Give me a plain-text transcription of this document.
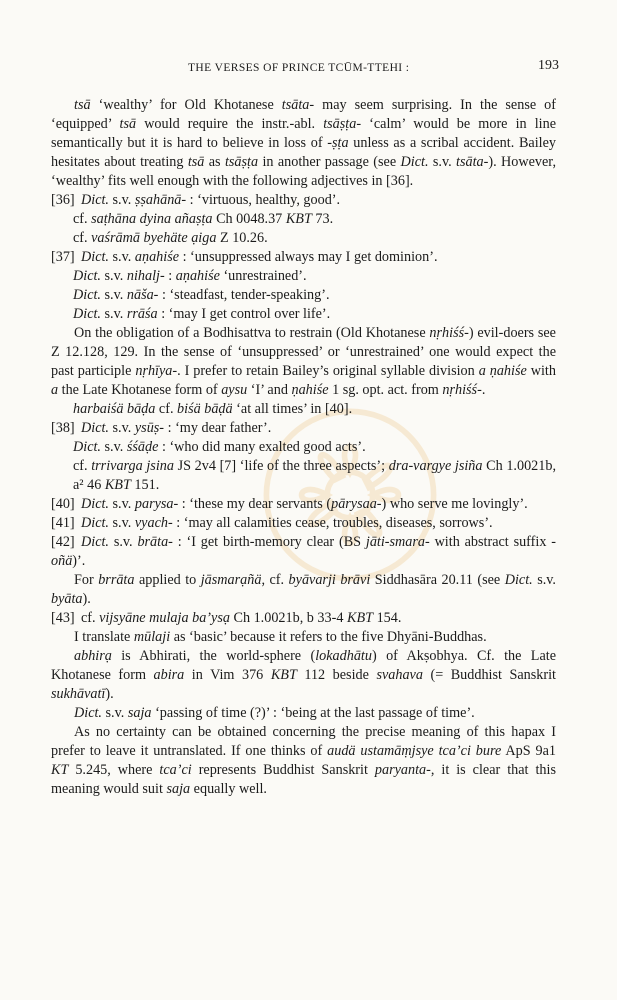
THE VERSES OF PRINCE TCŪM-TTEHI :	193

tsā ‘wealthy’ for Old Khotanese tsāta- may seem surprising. In the sense of ‘equipped’ tsā would require the instr.-abl. tsāṣṭa- ‘calm’ would be more in line semantically but it is hard to believe in loss of -ṣṭa unless as a scribal accident. Bailey hesitates about treating tsā as tsāṣṭa in another passage (see Dict. s.v. tsāta-). However, ‘wealthy’ fits well enough with the following adjectives in [36].

[36] Dict. s.v. ṣṣahānā- : ‘virtuous, healthy, good’.

cf. saṭhāna dyina añaṣṭa Ch 0048.37 KBT 73.

cf. vaśrāmā byehäte ạiga Z 10.26.

[37] Dict. s.v. aṇahiśe : ‘unsuppressed always may I get dominion’.

Dict. s.v. nihalj- : aṇahiśe ‘unrestrained’.

Dict. s.v. nāša- : ‘steadfast, tender-speaking’.

Dict. s.v. rrāśa : ‘may I get control over life’.

On the obligation of a Bodhisattva to restrain (Old Khotanese nṛhiśś-) evil-doers see Z 12.128, 129. In the sense of ‘unsuppressed’ or ‘unrestrained’ one would expect the past participle nṛhīya-. I prefer to retain Bailey’s original syllable division a ṇahiśe with a the Late Khotanese form of aysu ‘I’ and ṇahiśe 1 sg. opt. act. from nṛhiśś-.

harbaiśä bāḍa cf. biśä bāḍä ‘at all times’ in [40].

[38] Dict. s.v. ysūṣ- : ‘my dear father’.

Dict. s.v. śśāḍe : ‘who did many exalted good acts’.

cf. trrivarga jsina JS 2v4 [7] ‘life of the three aspects’; dra-vargye jsiña Ch 1.0021b, a² 46 KBT 151.

[40] Dict. s.v. parysa- : ‘these my dear servants (pārysaa-) who serve me lovingly’.

[41] Dict. s.v. vyach- : ‘may all calamities cease, troubles, diseases, sorrows’.

[42] Dict. s.v. brāta- : ‘I get birth-memory clear (BS jāti-smara- with abstract suffix -oñä)’.

For brrāta applied to jāsmarạñä, cf. byāvarji brāvi Siddhasāra 20.11 (see Dict. s.v. byāta).

[43] cf. vijsyāne mulaja ba’ysạ Ch 1.0021b, b 33-4 KBT 154.

I translate mūlaji as ‘basic’ because it refers to the five Dhyāni-Buddhas.

abhirạ is Abhirati, the world-sphere (lokadhātu) of Akṣobhya. Cf. the Late Khotanese form abira in Vim 376 KBT 112 beside svahava (= Buddhist Sanskrit sukhāvatī).

Dict. s.v. saja ‘passing of time (?)’ : ‘being at the last passage of time’.

As no certainty can be obtained concerning the precise meaning of this hapax I prefer to leave it untranslated. If one thinks of audä ustamāṃjsye tca’ci bure ApS 9a1 KT 5.245, where tca’ci represents Buddhist Sanskrit paryanta-, it is clear that this meaning would suit saja equally well.
